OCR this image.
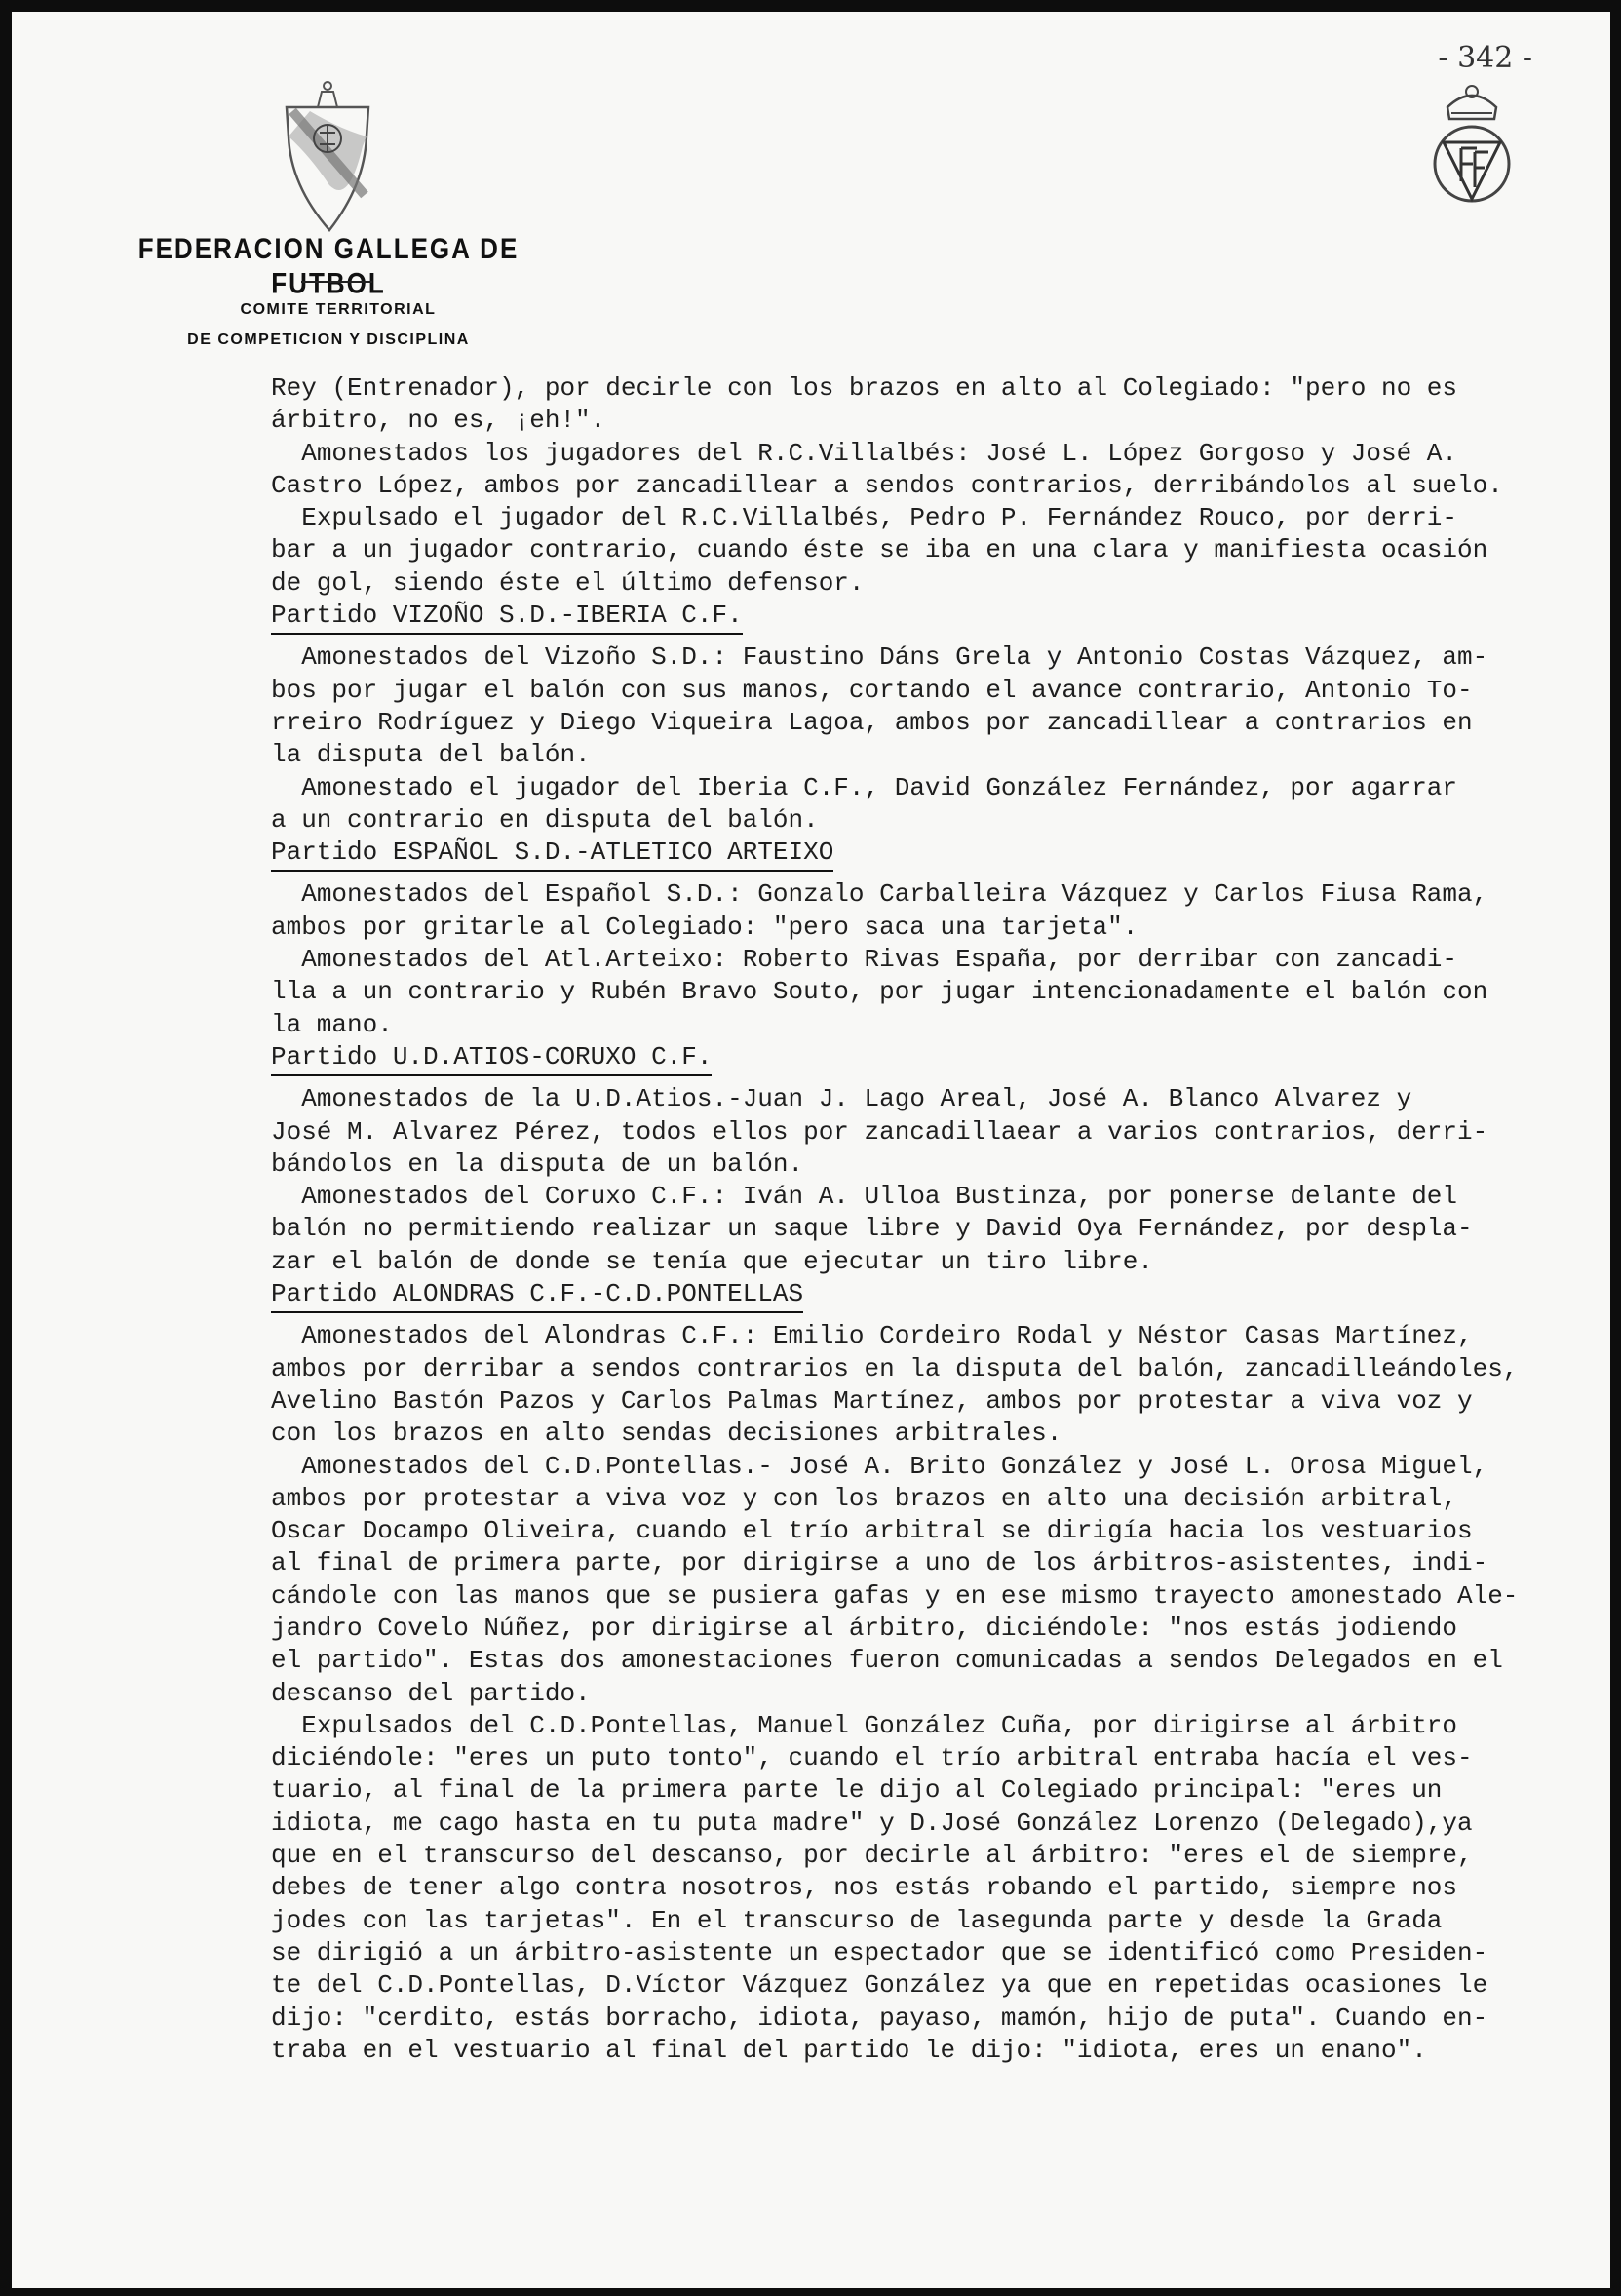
- 342 -
FEDERACION GALLEGA DE FUTBOL
COMITE TERRITORIAL
DE COMPETICION Y DISCIPLINA
Rey (Entrenador), por decirle con los brazos en alto al Colegiado: "pero no es
árbitro, no es, ¡eh!".
Amonestados los jugadores del R.C.Villalbés: José L. López Gorgoso y José A.
Castro López, ambos por zancadillear a sendos contrarios, derribándolos al suelo.
Expulsado el jugador del R.C.Villalbés, Pedro P. Fernández Rouco, por derri-
bar a un jugador contrario, cuando éste se iba en una clara y manifiesta ocasión
de gol, siendo éste el último defensor.
Partido VIZOÑO S.D.-IBERIA C.F.
Amonestados del Vizoño S.D.: Faustino Dáns Grela y Antonio Costas Vázquez, am-
bos por jugar el balón con sus manos, cortando el avance contrario, Antonio To-
rreiro Rodríguez y Diego Viqueira Lagoa, ambos por zancadillear a contrarios en
la disputa del balón.
Amonestado el jugador del Iberia C.F., David González Fernández, por agarrar
a un contrario en disputa del balón.
Partido ESPAÑOL S.D.-ATLETICO ARTEIXO
Amonestados del Español S.D.: Gonzalo Carballeira Vázquez y Carlos Fiusa Rama,
ambos por gritarle al Colegiado: "pero saca una tarjeta".
Amonestados del Atl.Arteixo: Roberto Rivas España, por derribar con zancadi-
lla a un contrario y Rubén Bravo Souto, por jugar intencionadamente el balón con
la mano.
Partido U.D.ATIOS-CORUXO C.F.
Amonestados de la U.D.Atios.-Juan J. Lago Areal, José A. Blanco Alvarez y
José M. Alvarez Pérez, todos ellos por zancadillaear a varios contrarios, derri-
bándolos en la disputa de un balón.
Amonestados del Coruxo C.F.: Iván A. Ulloa Bustinza, por ponerse delante del
balón no permitiendo realizar un saque libre y David Oya Fernández, por despla-
zar el balón de donde se tenía que ejecutar un tiro libre.
Partido ALONDRAS C.F.-C.D.PONTELLAS
Amonestados del Alondras C.F.: Emilio Cordeiro Rodal y Néstor Casas Martínez,
ambos por derribar a sendos contrarios en la disputa del balón, zancadilleándoles,
Avelino Bastón Pazos y Carlos Palmas Martínez, ambos por protestar a viva voz y
con los brazos en alto sendas decisiones arbitrales.
Amonestados del C.D.Pontellas.- José A. Brito González y José L. Orosa Miguel,
ambos por protestar a viva voz y con los brazos en alto una decisión arbitral,
Oscar Docampo Oliveira, cuando el trío arbitral se dirigía hacia los vestuarios
al final de primera parte, por dirigirse a uno de los árbitros-asistentes, indi-
cándole con las manos que se pusiera gafas y en ese mismo trayecto amonestado Ale-
jandro Covelo Núñez, por dirigirse al árbitro, diciéndole: "nos estás jodiendo
el partido". Estas dos amonestaciones fueron comunicadas a sendos Delegados en el
descanso del partido.
Expulsados del C.D.Pontellas, Manuel González Cuña, por dirigirse al árbitro
diciéndole: "eres un puto tonto", cuando el trío arbitral entraba hacía el ves-
tuario, al final de la primera parte le dijo al Colegiado principal: "eres un
idiota, me cago hasta en tu puta madre" y D.José González Lorenzo (Delegado),ya
que en el transcurso del descanso, por decirle al árbitro: "eres el de siempre,
debes de tener algo contra nosotros, nos estás robando el partido, siempre nos
jodes con las tarjetas". En el transcurso de lasegunda parte y desde la Grada
se dirigió a un árbitro-asistente un espectador que se identificó como Presiden-
te del C.D.Pontellas, D.Víctor Vázquez González ya que en repetidas ocasiones le
dijo: "cerdito, estás borracho, idiota, payaso, mamón, hijo de puta". Cuando en-
traba en el vestuario al final del partido le dijo: "idiota, eres un enano".
